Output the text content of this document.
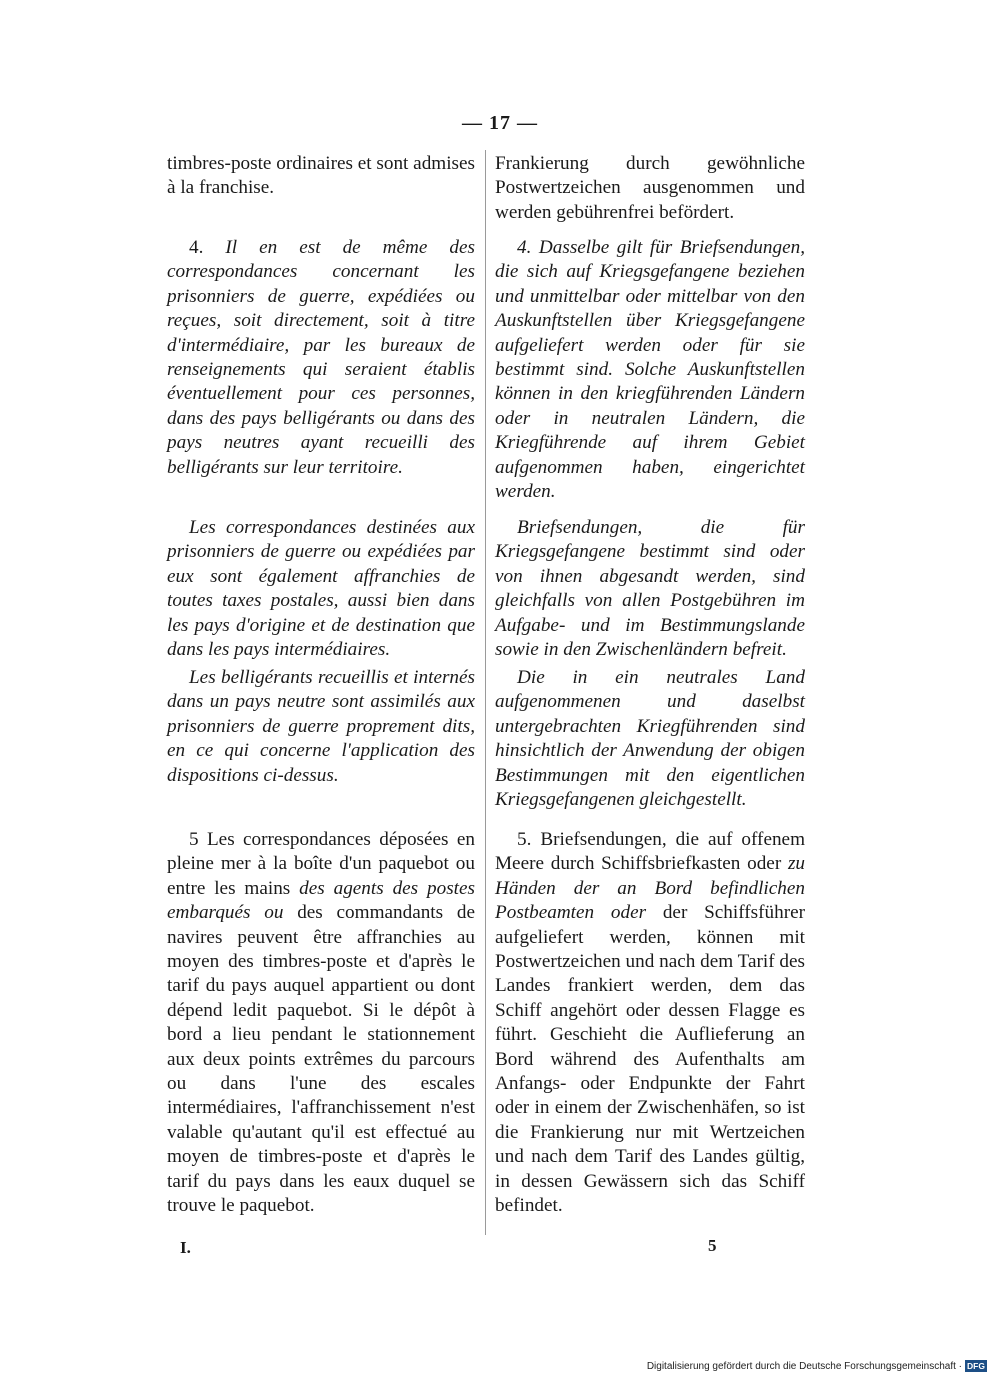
— 17 —

timbres-poste ordinaires et sont admises à la franchise.

4. Il en est de même des correspondances concernant les prisonniers de guerre, expédiées ou reçues, soit directement, soit à titre d'intermédiaire, par les bureaux de renseignements qui seraient établis éventuellement pour ces personnes, dans des pays belligérants ou dans des pays neutres ayant recueilli des belligérants sur leur territoire.

Les correspondances destinées aux prisonniers de guerre ou expédiées par eux sont également affranchies de toutes taxes postales, aussi bien dans les pays d'origine et de destination que dans les pays intermédiaires.

Les belligérants recueillis et internés dans un pays neutre sont assimilés aux prisonniers de guerre proprement dits, en ce qui concerne l'application des dispositions ci-dessus.

5 Les correspondances déposées en pleine mer à la boîte d'un paquebot ou entre les mains des agents des postes embarqués ou des commandants de navires peuvent être affranchies au moyen des timbres-poste et d'après le tarif du pays auquel appartient ou dont dépend ledit paquebot. Si le dépôt à bord a lieu pendant le stationnement aux deux points extrêmes du parcours ou dans l'une des escales intermédiaires, l'affranchissement n'est valable qu'autant qu'il est effectué au moyen de timbres-poste et d'après le tarif du pays dans les eaux duquel se trouve le paquebot.

Frankierung durch gewöhnliche Postwertzeichen ausgenommen und werden gebührenfrei befördert.

4. Dasselbe gilt für Briefsendungen, die sich auf Kriegsgefangene beziehen und unmittelbar oder mittelbar von den Auskunftstellen über Kriegsgefangene aufgeliefert werden oder für sie bestimmt sind. Solche Auskunftstellen können in den kriegführenden Ländern oder in neutralen Ländern, die Kriegführende auf ihrem Gebiet aufgenommen haben, eingerichtet werden.

Briefsendungen, die für Kriegsgefangene bestimmt sind oder von ihnen abgesandt werden, sind gleichfalls von allen Postgebühren im Aufgabe- und im Bestimmungslande sowie in den Zwischenländern befreit.

Die in ein neutrales Land aufgenommenen und daselbst untergebrachten Kriegführenden sind hinsichtlich der Anwendung der obigen Bestimmungen mit den eigentlichen Kriegsgefangenen gleichgestellt.

5. Briefsendungen, die auf offenem Meere durch Schiffsbriefkasten oder zu Händen der an Bord befindlichen Postbeamten oder der Schiffsführer aufgeliefert werden, können mit Postwertzeichen und nach dem Tarif des Landes frankiert werden, dem das Schiff angehört oder dessen Flagge es führt. Geschieht die Auflieferung an Bord während des Aufenthalts am Anfangs- oder Endpunkte der Fahrt oder in einem der Zwischenhäfen, so ist die Frankierung nur mit Wertzeichen und nach dem Tarif des Landes gültig, in dessen Gewässern sich das Schiff befindet.

I.	5
Digitalisierung gefördert durch die Deutsche Forschungsgemeinschaft · DFG
